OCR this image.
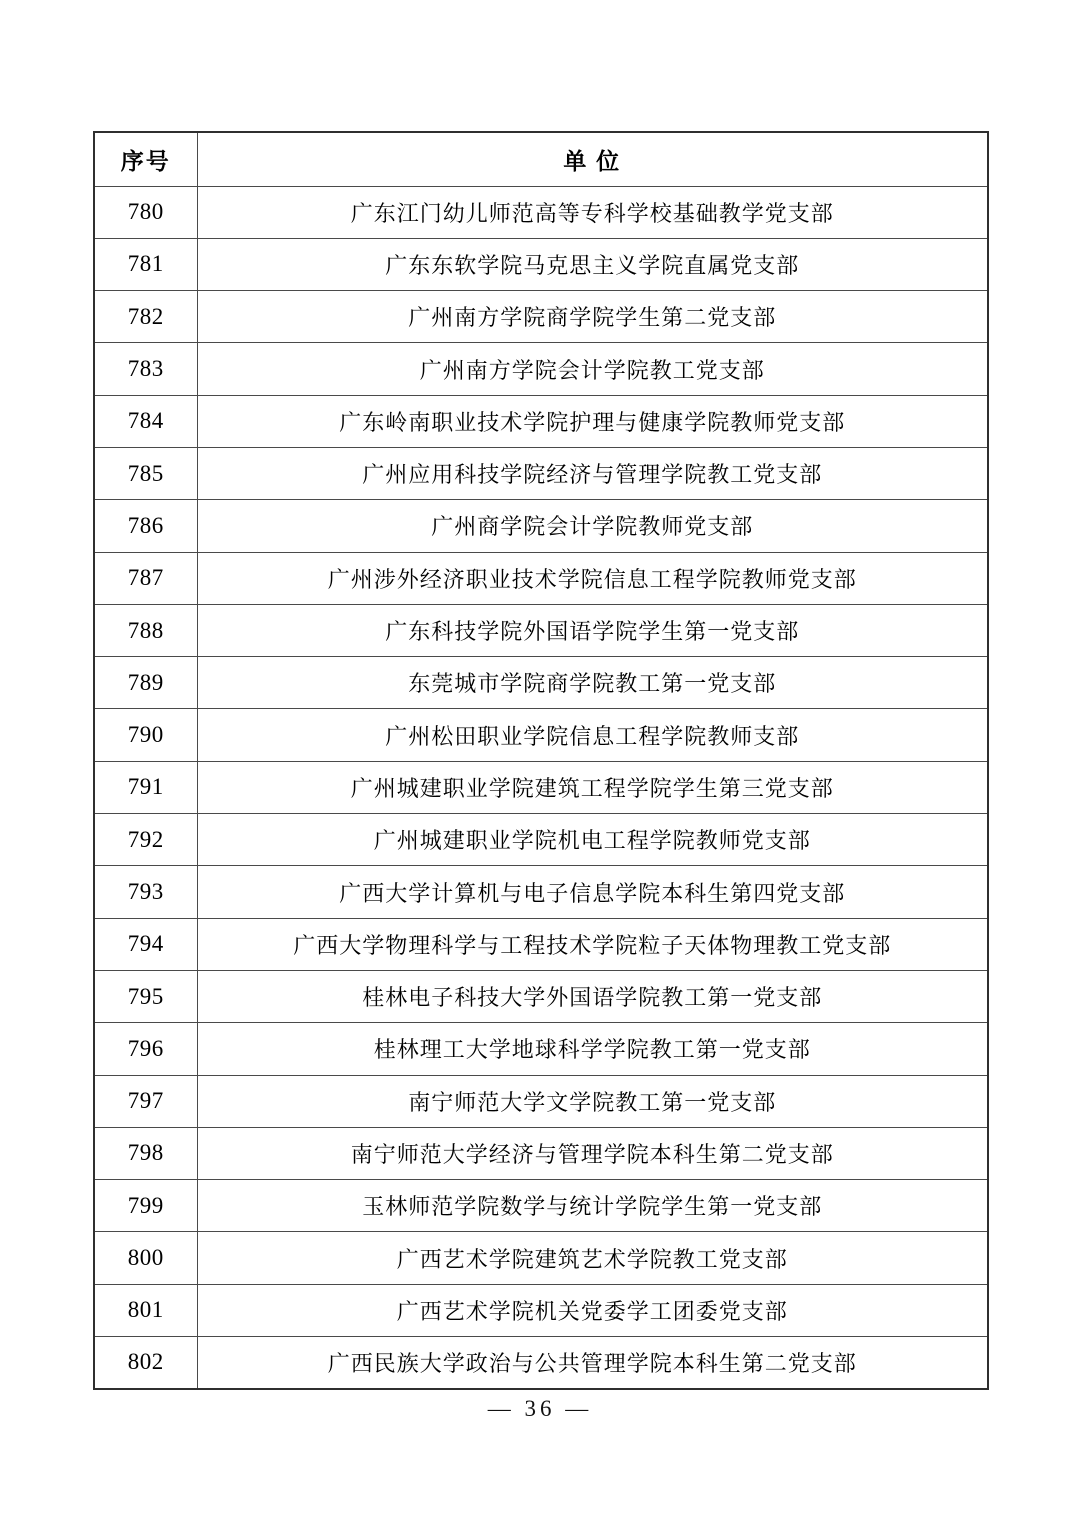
序号	单 位
780	广东江门幼儿师范高等专科学校基础教学党支部
781	广东东软学院马克思主义学院直属党支部
782	广州南方学院商学院学生第二党支部
783	广州南方学院会计学院教工党支部
784	广东岭南职业技术学院护理与健康学院教师党支部
785	广州应用科技学院经济与管理学院教工党支部
786	广州商学院会计学院教师党支部
787	广州涉外经济职业技术学院信息工程学院教师党支部
788	广东科技学院外国语学院学生第一党支部
789	东莞城市学院商学院教工第一党支部
790	广州松田职业学院信息工程学院教师支部
791	广州城建职业学院建筑工程学院学生第三党支部
792	广州城建职业学院机电工程学院教师党支部
793	广西大学计算机与电子信息学院本科生第四党支部
794	广西大学物理科学与工程技术学院粒子天体物理教工党支部
795	桂林电子科技大学外国语学院教工第一党支部
796	桂林理工大学地球科学学院教工第一党支部
797	南宁师范大学文学院教工第一党支部
798	南宁师范大学经济与管理学院本科生第二党支部
799	玉林师范学院数学与统计学院学生第一党支部
800	广西艺术学院建筑艺术学院教工党支部
801	广西艺术学院机关党委学工团委党支部
802	广西民族大学政治与公共管理学院本科生第二党支部
— 36 —
